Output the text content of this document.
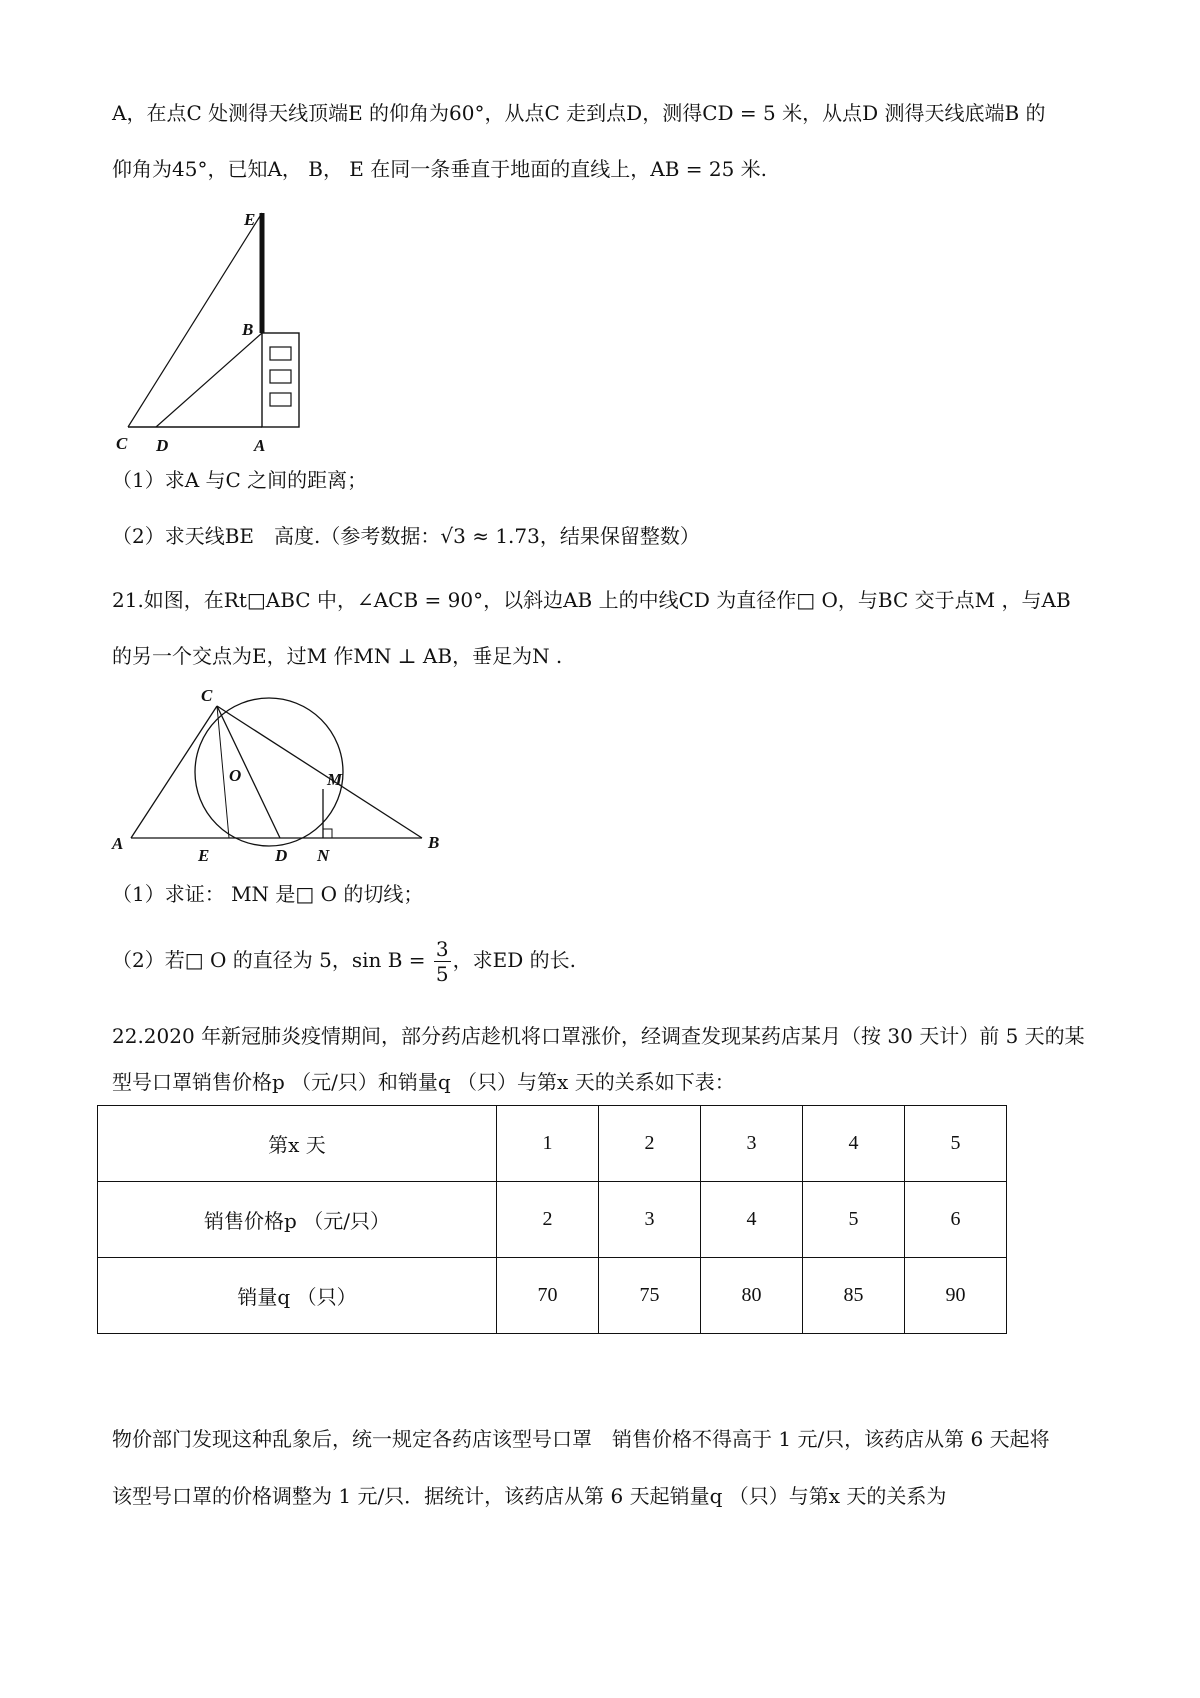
A，在点C 处测得天线顶端E 的仰角为60°，从点C 走到点D，测得CD = 5 米，从点D 测得天线底端B 的
仰角为45°，已知A， B， E 在同一条垂直于地面的直线上，AB = 25 米.
E
B
C D	A
（1）求A 与C 之间的距离；
（2）求天线BE　高度.（参考数据：√3 ≈ 1.73，结果保留整数）
21.如图，在Rt□ABC 中，∠ACB = 90°，以斜边AB 上的中线CD 为直径作□ O，与BC 交于点M ，与AB
的另一个交点为E，过M 作MN ⊥ AB，垂足为N .
C
O	M
A
E	D N
B
（1）求证： MN 是□ O 的切线；
（2）若□ O 的直径为 5，$\sin B = \frac{3}{5}$ ，求ED 的长.
22.2020 年新冠肺炎疫情期间，部分药店趁机将口罩涨价，经调查发现某药店某月（按 30 天计）前 5 天的某
型号口罩销售价格p （元/只）和销量q （只）与第x 天的关系如下表：
第x 天	1	2	3	4	5
销售价格p （元/只）	2	3	4	5	6
销量q （只）	70	75	80	85	90
物价部门发现这种乱象后，统一规定各药店该型号口罩　销售价格不得高于 1 元/只，该药店从第 6 天起将
该型号口罩的价格调整为 1 元/只．据统计，该药店从第 6 天起销量q （只）与第x 天的关系为
